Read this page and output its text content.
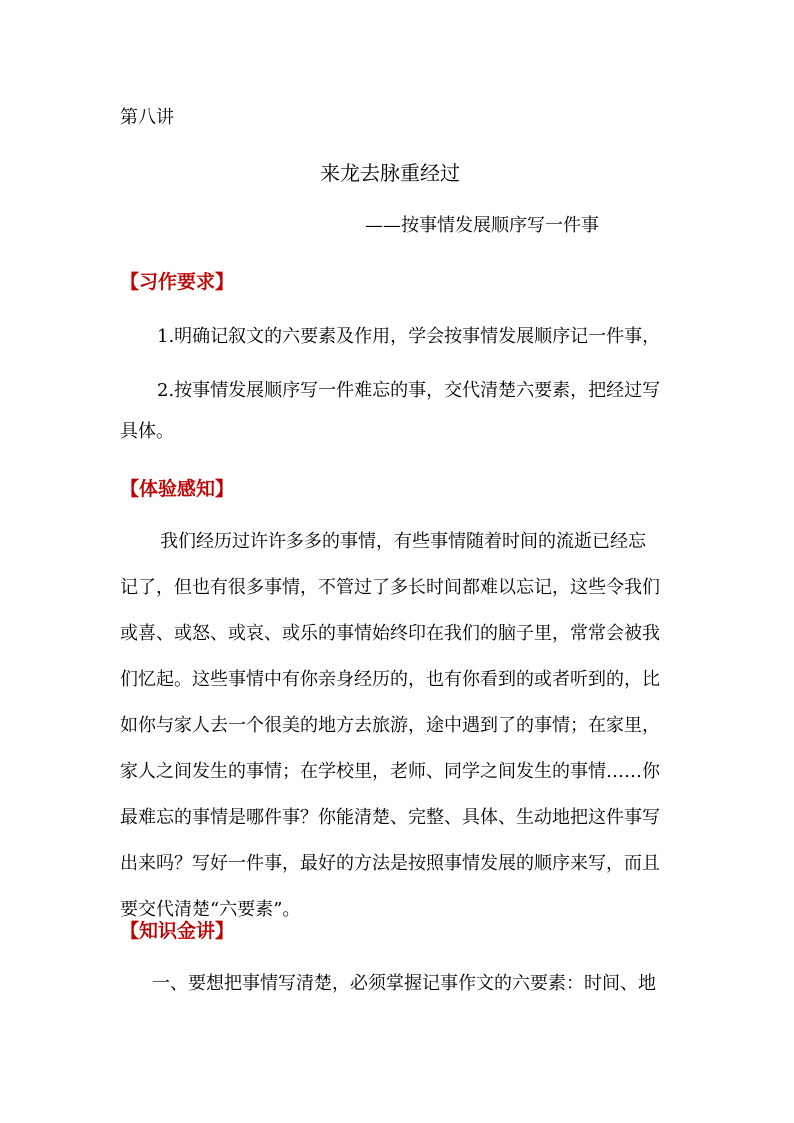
第八讲
来龙去脉重经过
——按事情发展顺序写一件事
【习作要求】
1.明确记叙文的六要素及作用，学会按事情发展顺序记一件事，
2.按事情发展顺序写一件难忘的事，交代清楚六要素，把经过写
具体。
【体验感知】
我们经历过许许多多的事情，有些事情随着时间的流逝已经忘
记了，但也有很多事情，不管过了多长时间都难以忘记，这些令我们
或喜、或怒、或哀、或乐的事情始终印在我们的脑子里，常常会被我
们忆起。这些事情中有你亲身经历的，也有你看到的或者听到的，比
如你与家人去一个很美的地方去旅游，途中遇到了的事情；在家里，
家人之间发生的事情；在学校里，老师、同学之间发生的事情……你
最难忘的事情是哪件事？你能清楚、完整、具体、生动地把这件事写
出来吗？写好一件事，最好的方法是按照事情发展的顺序来写，而且
要交代清楚“六要素”。
【知识金讲】
一、要想把事情写清楚，必须掌握记事作文的六要素：时间、地
